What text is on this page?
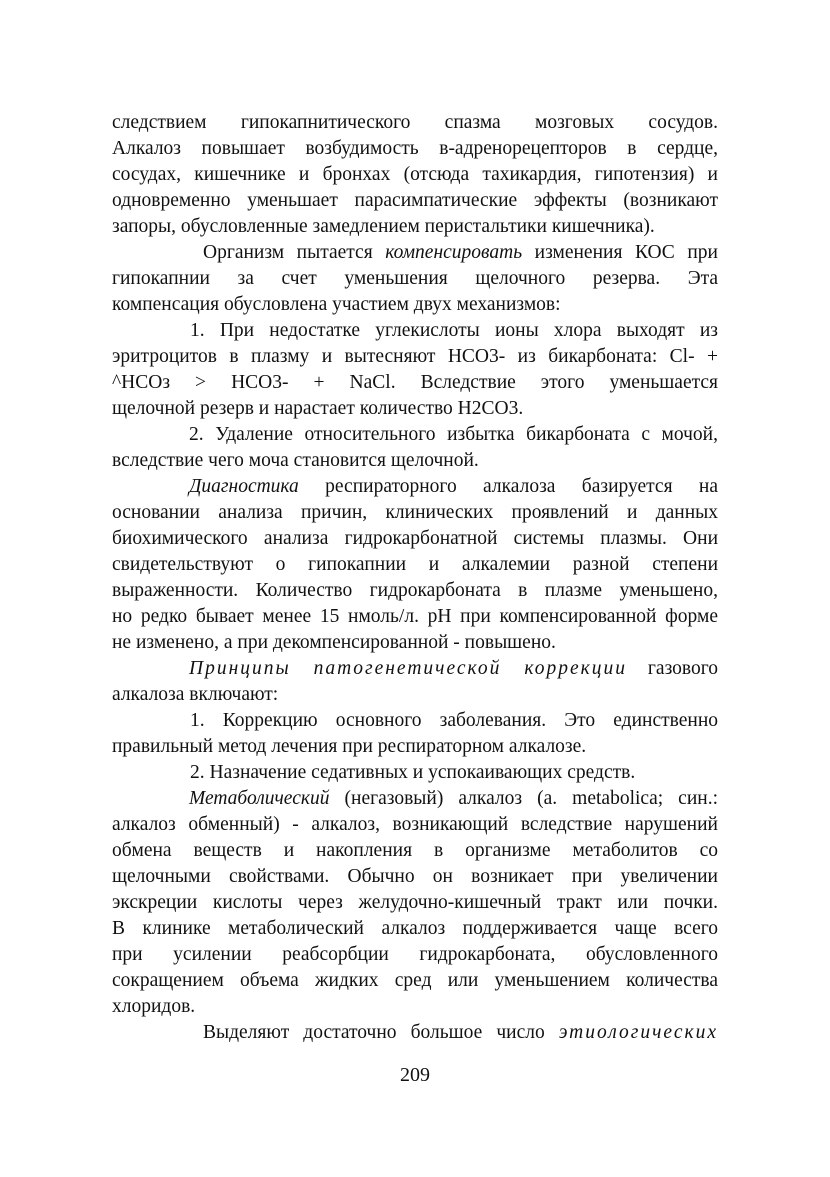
следствием гипокапнитического спазма мозговых сосудов.
Алкалоз повышает возбудимость в-адренорецепторов в сердце,
сосудах, кишечнике и бронхах (отсюда тахикардия, гипотензия) и
одновременно уменьшает парасимпатические эффекты (возникают
запоры, обусловленные замедлением перистальтики кишечника).
Организм пытается компенсировать изменения КОС при
гипокапнии за счет уменьшения щелочного резерва. Эта
компенсация обусловлена участием двух механизмов:
1. При недостатке углекислоты ионы хлора выходят из
эритроцитов в плазму и вытесняют НСО3- из бикарбоната: Cl- +
^НСОз > НСО3- + NaCl. Вследствие этого уменьшается
щелочной резерв и нарастает количество Н2СО3.
2. Удаление относительного избытка бикарбоната с мочой,
вследствие чего моча становится щелочной.
Диагностика респираторного алкалоза базируется на
основании анализа причин, клинических проявлений и данных
биохимического анализа гидрокарбонатной системы плазмы. Они
свидетельствуют о гипокапнии и алкалемии разной степени
выраженности. Количество гидрокарбоната в плазме уменьшено,
но редко бывает менее 15 нмоль/л. pH при компенсированной форме
не изменено, а при декомпенсированной - повышено.
Принципы патогенетической коррекции газового
алкалоза включают:
1. Коррекцию основного заболевания. Это единственно
правильный метод лечения при респираторном алкалозе.
2. Назначение седативных и успокаивающих средств.
Метаболический (негазовый) алкалоз (a. metabolica; син.:
алкалоз обменный) - алкалоз, возникающий вследствие нарушений
обмена веществ и накопления в организме метаболитов со
щелочными свойствами. Обычно он возникает при увеличении
экскреции кислоты через желудочно-кишечный тракт или почки.
В клинике метаболический алкалоз поддерживается чаще всего
при усилении реабсорбции гидрокарбоната, обусловленного
сокращением объема жидких сред или уменьшением количества
хлоридов.
Выделяют достаточно большое число этиологических
209
